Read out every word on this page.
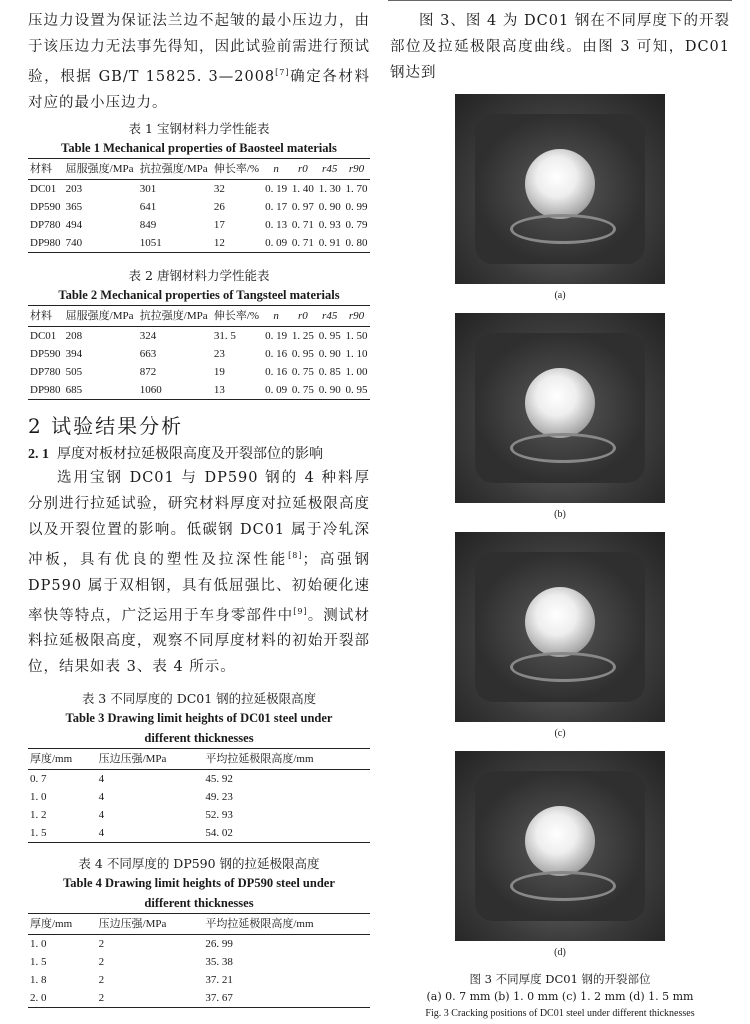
压边力设置为保证法兰边不起皱的最小压边力，由于该压边力无法事先得知，因此试验前需进行预试验，根据 GB/T 15825. 3—2008[7]确定各材料对应的最小压边力。

表 1 宝钢材料力学性能表
Table 1 Mechanical properties of Baosteel materials
材料	屈服强度/MPa	抗拉强度/MPa	伸长率/%	n	r0	r45	r90
DC01	203	301	32	0. 19	1. 40	1. 30	1. 70
DP590	365	641	26	0. 17	0. 97	0. 90	0. 99
DP780	494	849	17	0. 13	0. 71	0. 93	0. 79
DP980	740	1051	12	0. 09	0. 71	0. 91	0. 80
表 2 唐钢材料力学性能表
Table 2 Mechanical properties of Tangsteel materials
材料	屈服强度/MPa	抗拉强度/MPa	伸长率/%	n	r0	r45	r90
DC01	208	324	31. 5	0. 19	1. 25	0. 95	1. 50
DP590	394	663	23	0. 16	0. 95	0. 90	1. 10
DP780	505	872	19	0. 16	0. 75	0. 85	1. 00
DP980	685	1060	13	0. 09	0. 75	0. 90	0. 95
2 试验结果分析
2. 1 厚度对板材拉延极限高度及开裂部位的影响

选用宝钢 DC01 与 DP590 钢的 4 种料厚分别进行拉延试验，研究材料厚度对拉延极限高度以及开裂位置的影响。低碳钢 DC01 属于冷轧深冲板，具有优良的塑性及拉深性能[8]；高强钢 DP590 属于双相钢，具有低屈强比、初始硬化速率快等特点，广泛运用于车身零部件中[9]。测试材料拉延极限高度，观察不同厚度材料的初始开裂部位，结果如表 3、表 4 所示。

表 3 不同厚度的 DC01 钢的拉延极限高度
Table 3 Drawing limit heights of DC01 steel under
different thicknesses
厚度/mm	压边压强/MPa	平均拉延极限高度/mm
0. 7	4	45. 92
1. 0	4	49. 23
1. 2	4	52. 93
1. 5	4	54. 02
表 4 不同厚度的 DP590 钢的拉延极限高度
Table 4 Drawing limit heights of DP590 steel under
different thicknesses
厚度/mm	压边压强/MPa	平均拉延极限高度/mm
1. 0	2	26. 99
1. 5	2	35. 38
1. 8	2	37. 21
2. 0	2	37. 67

图 3、图 4 为 DC01 钢在不同厚度下的开裂部位及拉延极限高度曲线。由图 3 可知，DC01 钢达到

(a)
(b)
(c)
(d)
图 3 不同厚度 DC01 钢的开裂部位
(a) 0. 7 mm (b) 1. 0 mm (c) 1. 2 mm (d) 1. 5 mm
Fig. 3 Cracking positions of DC01 steel under different thicknesses
